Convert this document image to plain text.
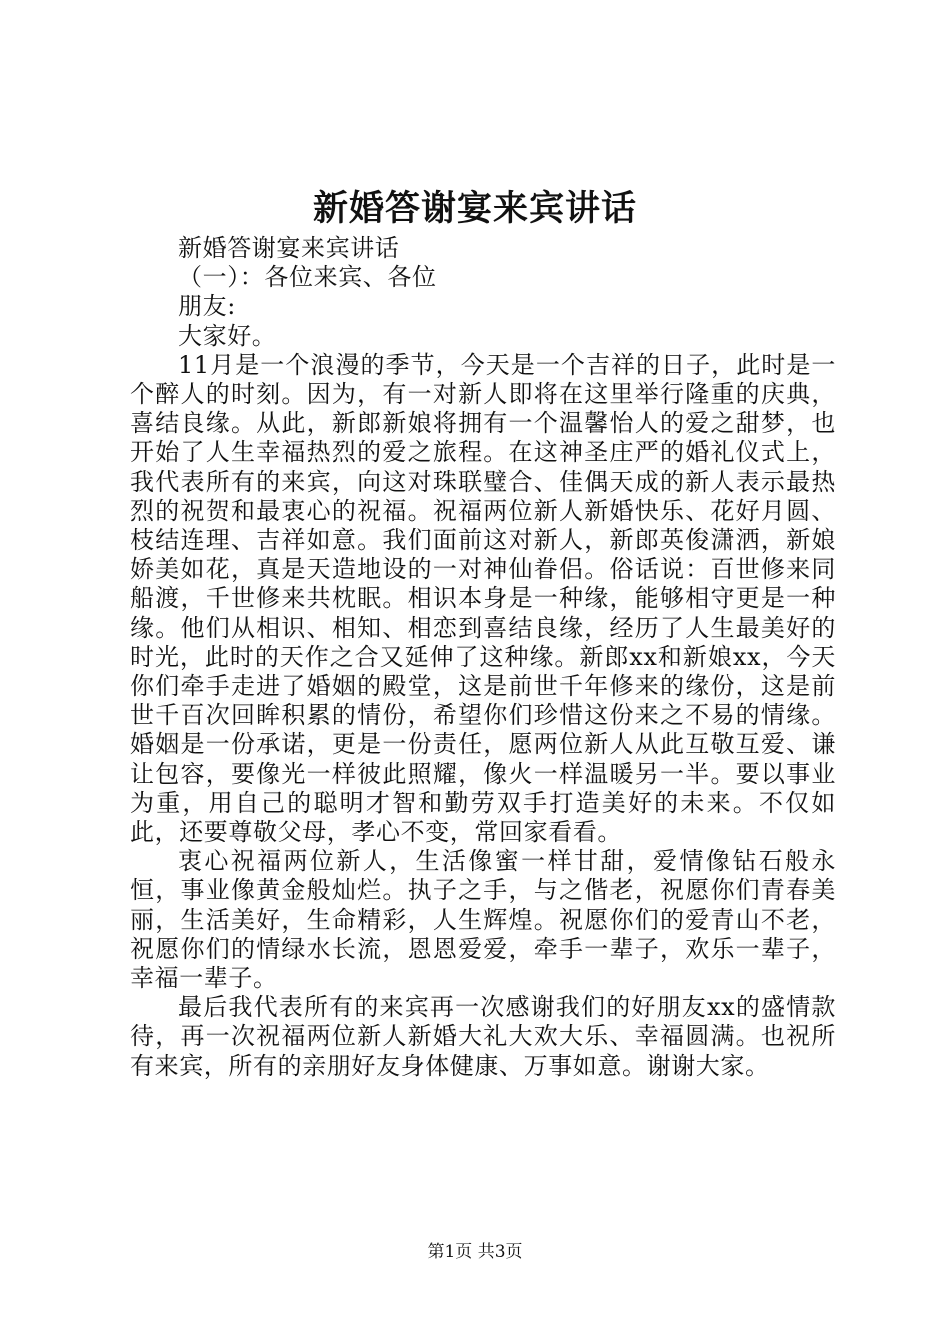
新婚答谢宴来宾讲话

新婚答谢宴来宾讲话

（一）：各位来宾、各位

朋友:

大家好。

11月是一个浪漫的季节，今天是一个吉祥的日子，此时是一个醉人的时刻。因为，有一对新人即将在这里举行隆重的庆典，喜结良缘。从此，新郎新娘将拥有一个温馨怡人的爱之甜梦，也开始了人生幸福热烈的爱之旅程。在这神圣庄严的婚礼仪式上，我代表所有的来宾，向这对珠联璧合、佳偶天成的新人表示最热烈的祝贺和最衷心的祝福。祝福两位新人新婚快乐、花好月圆、枝结连理、吉祥如意。我们面前这对新人，新郎英俊潇洒，新娘娇美如花，真是天造地设的一对神仙眷侣。俗话说：百世修来同船渡，千世修来共枕眠。相识本身是一种缘，能够相守更是一种缘。他们从相识、相知、相恋到喜结良缘，经历了人生最美好的时光，此时的天作之合又延伸了这种缘。新郎xx和新娘xx，今天你们牵手走进了婚姻的殿堂，这是前世千年修来的缘份，这是前世千百次回眸积累的情份，希望你们珍惜这份来之不易的情缘。婚姻是一份承诺，更是一份责任，愿两位新人从此互敬互爱、谦让包容，要像光一样彼此照耀，像火一样温暖另一半。要以事业为重，用自己的聪明才智和勤劳双手打造美好的未来。不仅如此，还要尊敬父母，孝心不变，常回家看看。

衷心祝福两位新人，生活像蜜一样甘甜，爱情像钻石般永恒，事业像黄金般灿烂。执子之手，与之偕老，祝愿你们青春美丽，生活美好，生命精彩，人生辉煌。祝愿你们的爱青山不老，祝愿你们的情绿水长流，恩恩爱爱，牵手一辈子，欢乐一辈子，幸福一辈子。

最后我代表所有的来宾再一次感谢我们的好朋友xx的盛情款待，再一次祝福两位新人新婚大礼大欢大乐、幸福圆满。也祝所有来宾，所有的亲朋好友身体健康、万事如意。谢谢大家。

第1页 共3页
